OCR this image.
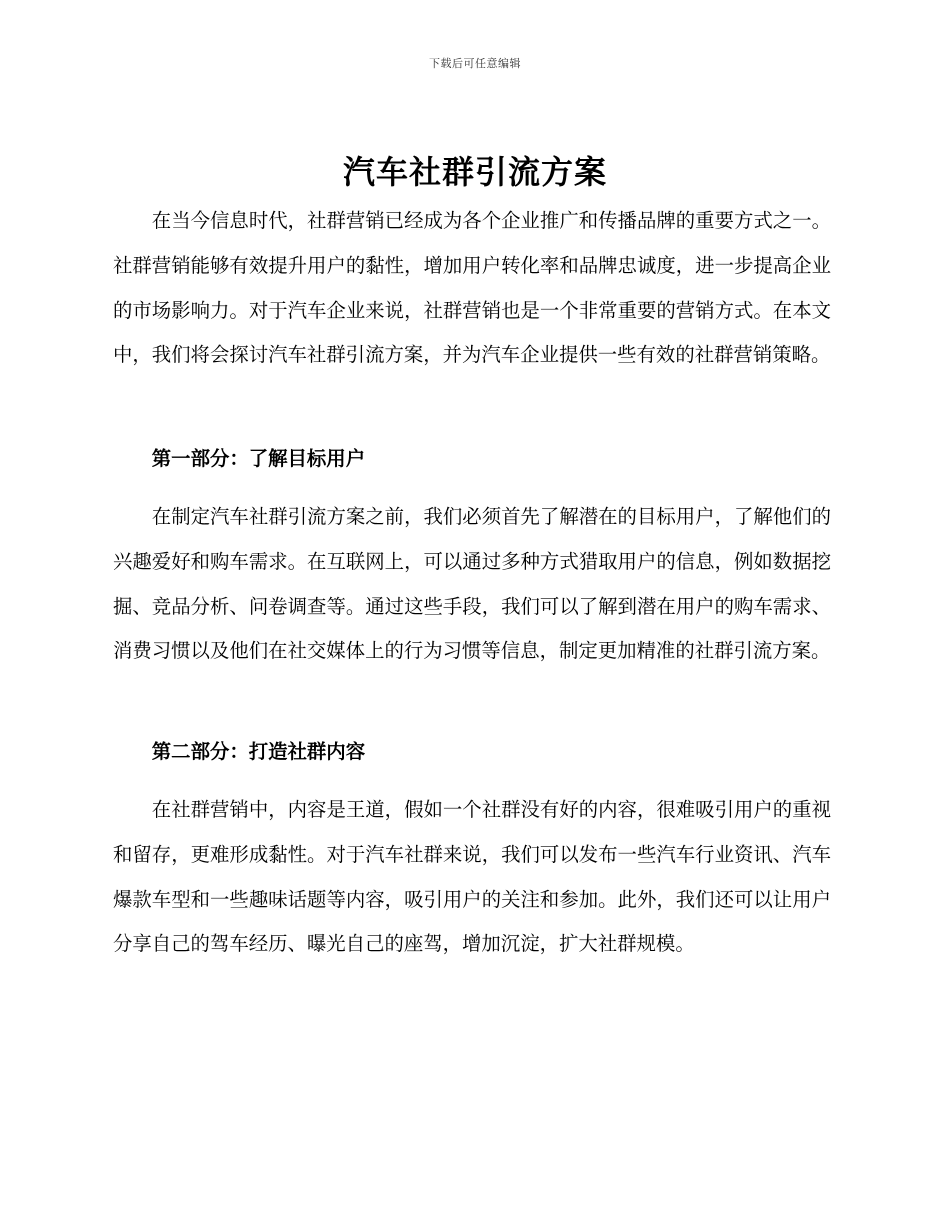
下载后可任意编辑
汽车社群引流方案

在当今信息时代，社群营销已经成为各个企业推广和传播品牌的重要方式之一。社群营销能够有效提升用户的黏性，增加用户转化率和品牌忠诚度，进一步提高企业的市场影响力。对于汽车企业来说，社群营销也是一个非常重要的营销方式。在本文中，我们将会探讨汽车社群引流方案，并为汽车企业提供一些有效的社群营销策略。

第一部分：了解目标用户

在制定汽车社群引流方案之前，我们必须首先了解潜在的目标用户，了解他们的兴趣爱好和购车需求。在互联网上，可以通过多种方式猎取用户的信息，例如数据挖掘、竞品分析、问卷调查等。通过这些手段，我们可以了解到潜在用户的购车需求、消费习惯以及他们在社交媒体上的行为习惯等信息，制定更加精准的社群引流方案。

第二部分：打造社群内容

在社群营销中，内容是王道，假如一个社群没有好的内容，很难吸引用户的重视和留存，更难形成黏性。对于汽车社群来说，我们可以发布一些汽车行业资讯、汽车爆款车型和一些趣味话题等内容，吸引用户的关注和参加。此外，我们还可以让用户分享自己的驾车经历、曝光自己的座驾，增加沉淀，扩大社群规模。
